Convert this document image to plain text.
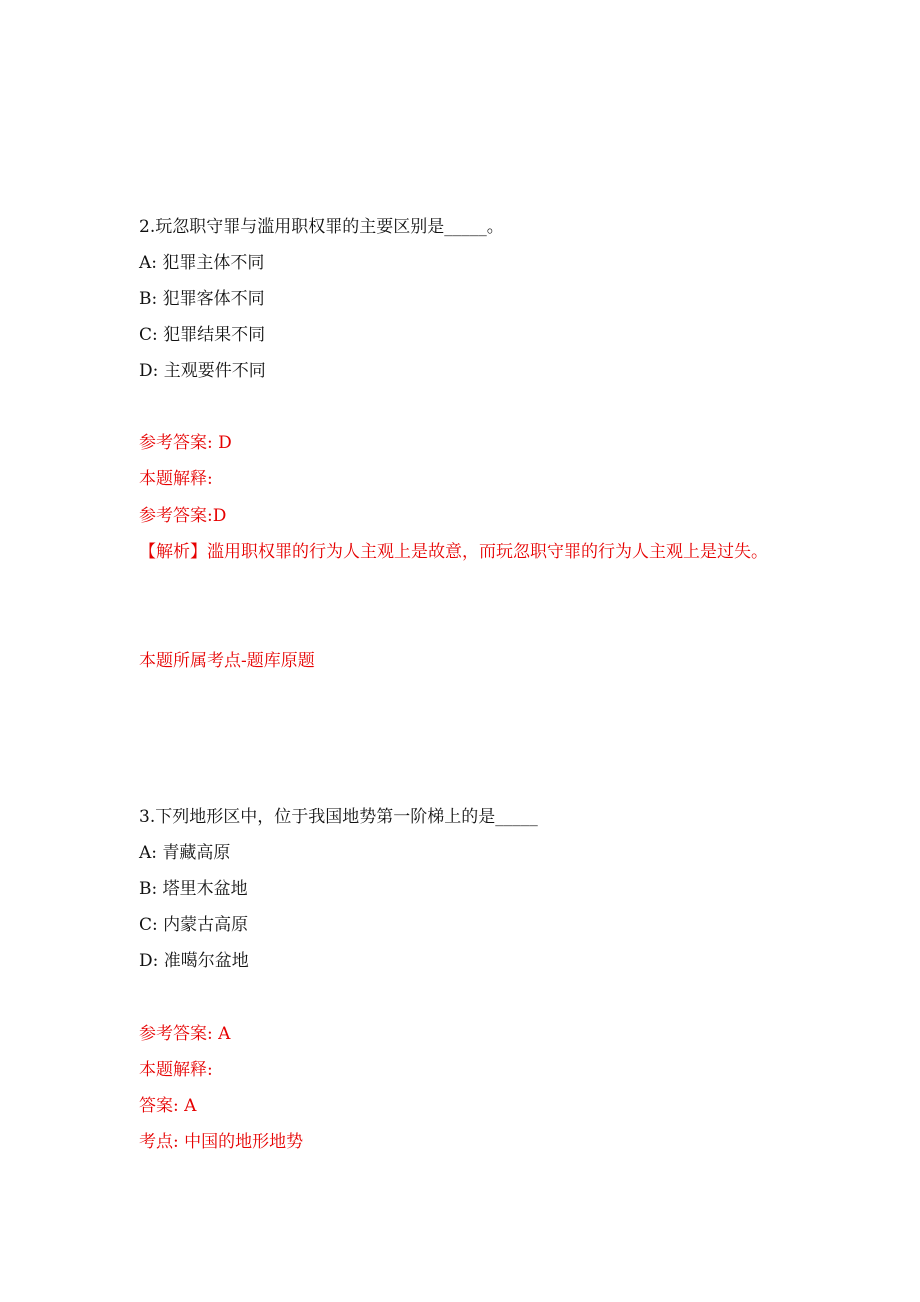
2.玩忽职守罪与滥用职权罪的主要区别是_____。
A: 犯罪主体不同
B: 犯罪客体不同
C: 犯罪结果不同
D: 主观要件不同
参考答案: D
本题解释:
参考答案:D
【解析】滥用职权罪的行为人主观上是故意，而玩忽职守罪的行为人主观上是过失。
本题所属考点-题库原题
3.下列地形区中，位于我国地势第一阶梯上的是_____
A: 青藏高原
B: 塔里木盆地
C: 内蒙古高原
D: 准噶尔盆地
参考答案: A
本题解释:
答案: A
考点: 中国的地形地势
